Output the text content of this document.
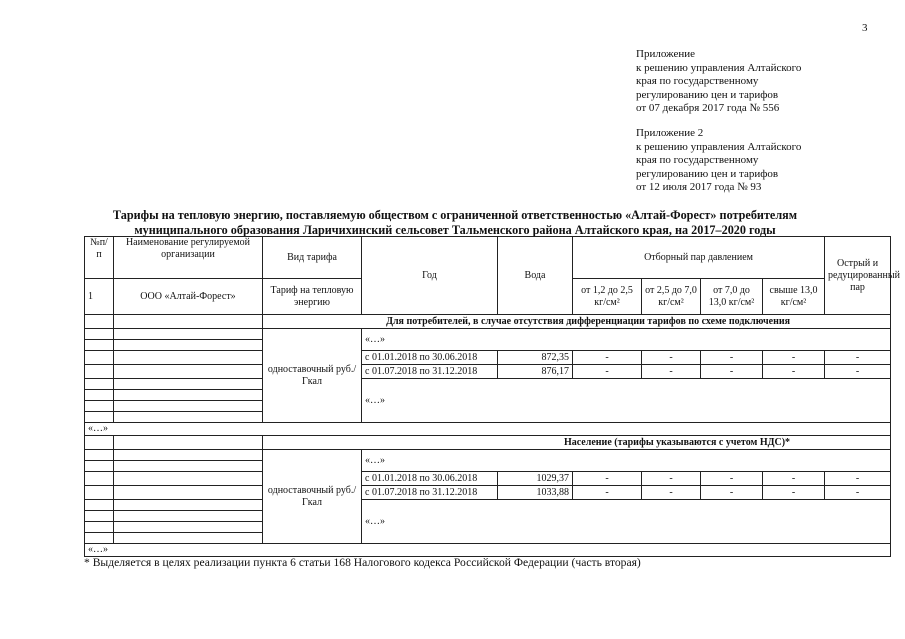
3
Приложение
к решению управления Алтайского
края по государственному
регулированию цен и тарифов
от 07 декабря 2017 года № 556
Приложение 2
к решению управления Алтайского
края по государственному
регулированию цен и тарифов
от 12 июля 2017 года № 93
Тарифы на тепловую энергию, поставляемую обществом с ограниченной ответственностью «Алтай-Форест» потребителям
муниципального образования Ларичихинский сельсовет Тальменского района Алтайского края, на 2017–2020 годы
№п/п	Наименование регулируемой организации	Вид тарифа	Год	Вода	Отборный пар давлением				Острый и редуцированный пар
1	ООО «Алтай-Форест»	Тариф на тепловую энергию			от 1,2 до 2,5 кг/см²	от 2,5 до 7,0 кг/см²	от 7,0 до 13,0 кг/см²	свыше 13,0 кг/см²	
		Для потребителей, в случае отсутствия дифференциации тарифов по схеме подключения							
		одноставочный руб./Гкал	«…»						

			с 01.01.2018 по 30.06.2018	872,35	-	-	-	-	-
			с 01.07.2018 по 31.12.2018	876,17	-	-	-	-	-
			«…»						

«…»									
		Население (тарифы указываются с учетом НДС)*							
		одноставочный руб./Гкал	«…»						

			с 01.01.2018 по 30.06.2018	1029,37	-	-	-	-	-
			с 01.07.2018 по 31.12.2018	1033,88	-	-	-	-	-
			«…»						

«…»									
* Выделяется в целях реализации пункта 6 статьи 168 Налогового кодекса Российской Федерации (часть вторая)
